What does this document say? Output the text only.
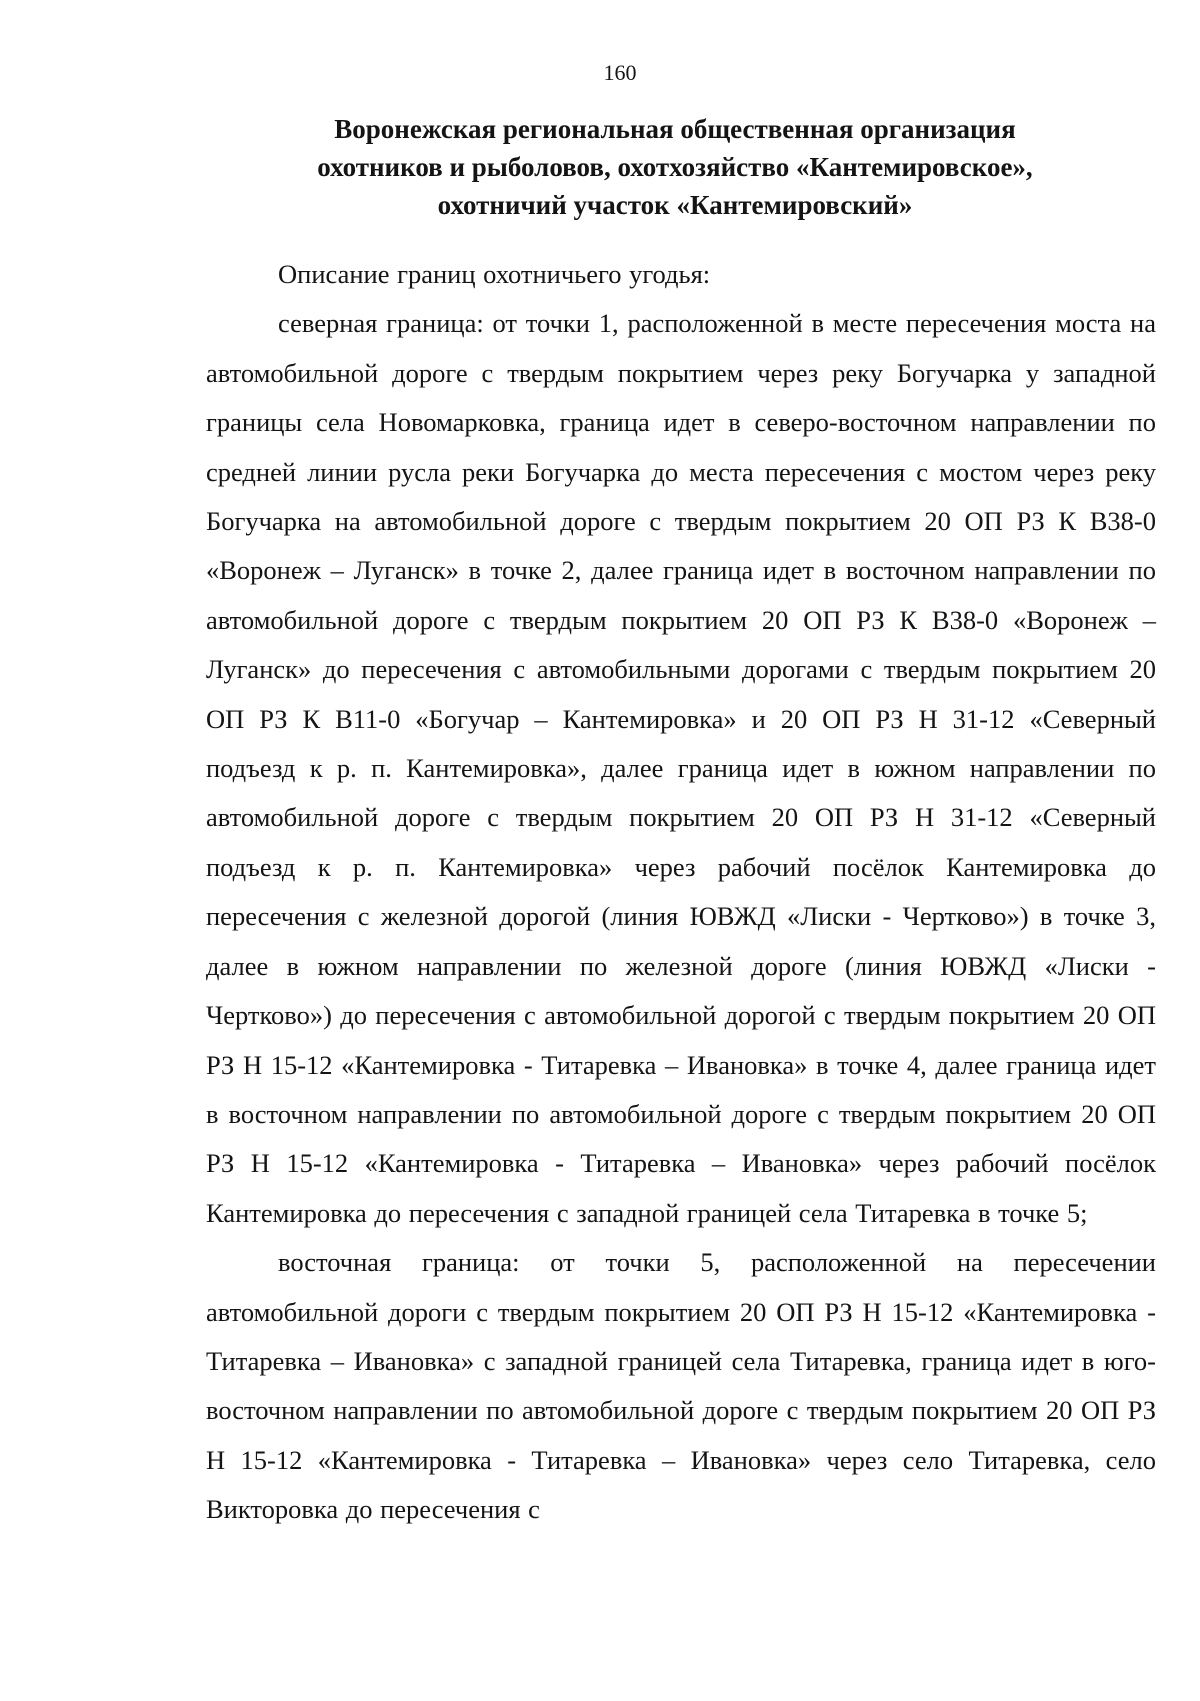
160
Воронежская региональная общественная организация
охотников и рыболовов, охотхозяйство «Кантемировское»,
охотничий участок «Кантемировский»

Описание границ охотничьего угодья:

северная граница: от точки 1, расположенной в месте пересечения моста на автомобильной дороге с твердым покрытием через реку Богучарка у западной границы села Новомарковка, граница идет в северо-восточном направлении по средней линии русла реки Богучарка до места пересечения с мостом через реку Богучарка на автомобильной дороге с твердым покрытием 20 ОП РЗ К В38-0 «Воронеж – Луганск» в точке 2, далее граница идет в восточном направлении по автомобильной дороге с твердым покрытием 20 ОП РЗ К В38-0 «Воронеж – Луганск» до пересечения с автомобильными дорогами с твердым покрытием 20 ОП РЗ К В11-0 «Богучар – Кантемировка» и 20 ОП РЗ Н 31-12 «Северный подъезд к р. п. Кантемировка», далее граница идет в южном направлении по автомобильной дороге с твердым покрытием 20 ОП РЗ Н 31-12 «Северный подъезд к р. п. Кантемировка» через рабочий посёлок Кантемировка до пересечения с железной дорогой (линия ЮВЖД «Лиски - Чертково») в точке 3, далее в южном направлении по железной дороге (линия ЮВЖД «Лиски - Чертково») до пересечения с автомобильной дорогой с твердым покрытием 20 ОП РЗ Н 15-12 «Кантемировка - Титаревка – Ивановка» в точке 4, далее граница идет в восточном направлении по автомобильной дороге с твердым покрытием 20 ОП РЗ Н 15-12 «Кантемировка - Титаревка – Ивановка» через рабочий посёлок Кантемировка до пересечения с западной границей села Титаревка в точке 5;

восточная граница: от точки 5, расположенной на пересечении автомобильной дороги с твердым покрытием 20 ОП РЗ Н 15-12 «Кантемировка - Титаревка – Ивановка» с западной границей села Титаревка, граница идет в юго-восточном направлении по автомобильной дороге с твердым покрытием 20 ОП РЗ Н 15-12 «Кантемировка - Титаревка – Ивановка» через село Титаревка, село Викторовка до пересечения с
